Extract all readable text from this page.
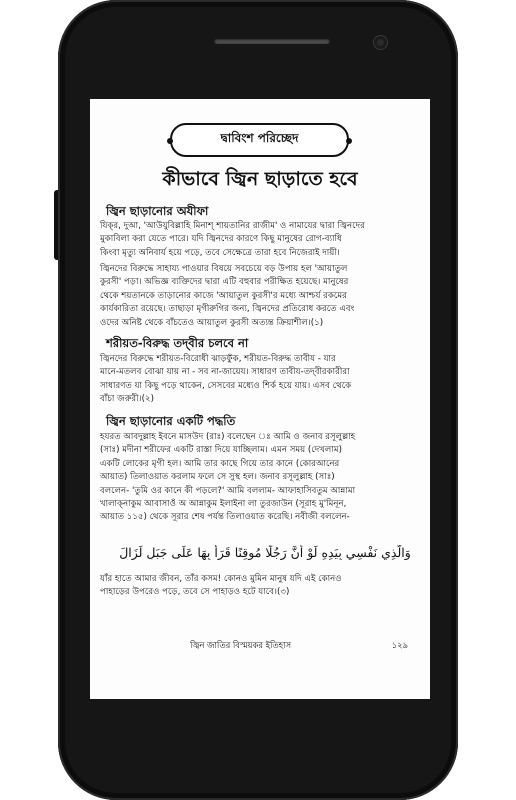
দ্বাবিংশ পরিচ্ছেদ
কীভাবে জ্বিন ছাড়াতে হবে
জ্বিন ছাড়ানোর অযীফা
যিক্‌র, দুআ, 'আউযুবিল্লাহি মিনাশ্‌ শায়তানির রাজীম' ও নামাযের দ্বারা জ্বিনদের
মুকাবিলা করা যেতে পারে। যদি জ্বিনদের কারণে কিছু মানুষের রোগ-ব্যাধি
কিংবা মৃত্যু অনিবার্য হয়ে পড়ে, তবে সেক্ষেত্রে তারা হবে নিজেরাই দায়ী।
জ্বিনদের বিরুদ্ধে সাহায্য পাওয়ার বিষয়ে সবচেয়ে বড় উপায় হল 'আয়াতুল
কুরসী' পড়া। অভিজ্ঞ ব্যক্তিদের দ্বারা এটি বহুবার পরীক্ষিত হয়েছে। মানুষের
থেকে শয়তানকে তাড়ানোর কাজে 'আয়াতুল কুরসী'র মধ্যে আশ্চর্য রকমের
কার্যকারিতা রয়েছে। তাছাড়া মৃগীরুগির জন্য, জ্বিনদের প্রতিরোধ করতে এবং
ওদের অনিষ্ট থেকে বাঁচতেও আয়াতুল কুরসী অত্যন্ত ক্রিয়াশীল।(১)
শরীয়ত-বিরুদ্ধ তদ্‌বীর চলবে না
জ্বিনদের বিরুদ্ধে শরীয়ত-বিরোধী ঝাড়ফুঁক, শরীয়ত-বিরুদ্ধ তাবীয - যার
মানে-মতলব বোঝা যায় না - সব না-জায়েয। সাধারণ তাবীয-তদ্‌বীরকারীরা
সাধারণত যা কিছু পড়ে থাকেন, সেসবের মধ্যেও শির্ক হয়ে যায়। এসব থেকে
বাঁচা জরুরী।(২)
জ্বিন ছাড়ানোর একটি পদ্ধতি
হযরত আবদুল্লাহ ইবনে মাসউদ (রাঃ) বলেছেন ঃ আমি ও জনাব রসূলুল্লাহ
(সাঃ) মদীনা শরীফের একটি রাস্তা দিয়ে যাচ্ছিলাম। এমন সময় (দেখলাম)
একটি লোকের মৃগী হল। আমি তার কাছে গিয়ে তার কানে (কোরআনের
আয়াত) তিলাওয়াত করলাম ফলে সে সুস্থ হল। জনাব রসূলুল্লাহ (সাঃ)
বললেন- 'তুমি ওর কানে কী পড়লে?' আমি বললাম- আফাহাসিবতুম আন্নামা
খালাক্‌নাকুম আবাসাওঁ অ আন্নাকুম ইলাইনা লা তুরজাউন (সূরাহ মু'মিনূন,
আয়াত ১১৫) থেকে সূরার শেষ পর্যন্ত তিলাওয়াত করেছি। নবীজী বললেন-
وَالَّذِي نَفْسِي بِيَدِهِ لَوْ أَنَّ رَجُلًا مُوقِنًا قَرَأَ بِهَا عَلَى جَبَلٍ لَزَالَ
যাঁর হাতে আমার জীবন, তাঁর কসম! কোনও মুমিন মানুষ যদি এই কোনও
পাহাড়ের উপরেও পড়ে, তবে সে পাহাড়ও হটে যাবে।(৩)
জ্বিন জাতির বিস্ময়কর ইতিহাস	১২৯
